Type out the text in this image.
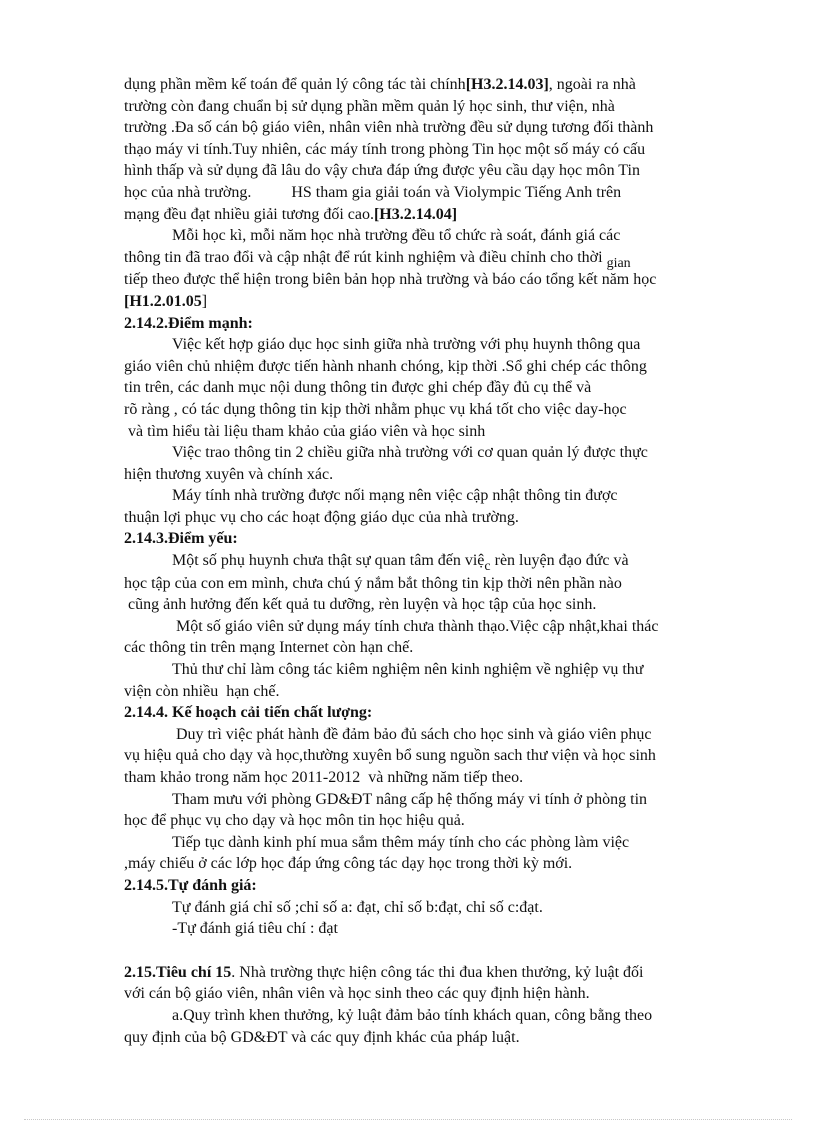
dụng phần mềm kế toán để quản lý công tác tài chính[H3.2.14.03], ngoài ra nhà
trường còn đang chuẩn bị sử dụng phần mềm quản lý học sinh, thư viện, nhà
trường .Đa số cán bộ giáo viên, nhân viên nhà trường đều sử dụng tương đối thành
thạo máy vi tính.Tuy nhiên, các máy tính trong phòng Tin học một số máy có cấu
hình thấp và sử dụng đã lâu do vậy chưa đáp ứng được yêu cầu dạy học môn Tin
học của nhà trường.          HS tham gia giải toán và Violympic Tiếng Anh trên
mạng đều đạt nhiều giải tương đối cao.[H3.2.14.04]
Mỗi học kì, mỗi năm học nhà trường đều tổ chức rà soát, đánh giá các
thông tin đã trao đổi và cập nhật để rút kinh nghiệm và điều chỉnh cho thời gian
tiếp theo được thể hiện trong biên bản họp nhà trường và báo cáo tổng kết năm học
[H1.2.01.05]
2.14.2.Điểm mạnh:
Việc kết hợp giáo dục học sinh giữa nhà trường với phụ huynh thông qua
giáo viên chủ nhiệm được tiến hành nhanh chóng, kịp thời .Sổ ghi chép các thông
tin trên, các danh mục nội dung thông tin được ghi chép đầy đủ cụ thể và
rõ ràng , có tác dụng thông tin kịp thời nhằm phục vụ khá tốt cho việc day-học
và tìm hiểu tài liệu tham khảo của giáo viên và học sinh
Việc trao thông tin 2 chiều giữa nhà trường với cơ quan quản lý được thực
hiện thương xuyên và chính xác.
Máy tính nhà trường được nối mạng nên việc cập nhật thông tin được
thuận lợi phục vụ cho các hoạt động giáo dục của nhà trường.
2.14.3.Điểm yếu:
Một số phụ huynh chưa thật sự quan tâm đến việc rèn luyện đạo đức và
học tập của con em mình, chưa chú ý nắm bắt thông tin kịp thời nên phần nào
cũng ảnh hưởng đến kết quả tu dưỡng, rèn luyện và học tập của học sinh.
Một số giáo viên sử dụng máy tính chưa thành thạo.Việc cập nhật,khai thác
các thông tin trên mạng Internet còn hạn chế.
Thủ thư chỉ làm công tác kiêm nghiệm nên kinh nghiệm về nghiệp vụ thư
viện còn nhiều  hạn chế.
2.14.4. Kế hoạch cải tiến chất lượng:
Duy trì việc phát hành đề đảm bảo đủ sách cho học sinh và giáo viên phục
vụ hiệu quả cho dạy và học,thường xuyên bổ sung nguồn sach thư viện và học sinh
tham khảo trong năm học 2011-2012  và những năm tiếp theo.
Tham mưu với phòng GD&ĐT nâng cấp hệ thống máy vi tính ở phòng tin
học để phục vụ cho dạy và học môn tin học hiệu quả.
Tiếp tục dành kinh phí mua sắm thêm máy tính cho các phòng làm việc
,máy chiếu ở các lớp học đáp ứng công tác dạy học trong thời kỳ mới.
2.14.5.Tự đánh giá:
Tự đánh giá chỉ số ;chỉ số a: đạt, chỉ số b:đạt, chỉ số c:đạt.
-Tự đánh giá tiêu chí : đạt
2.15.Tiêu chí 15. Nhà trường thực hiện công tác thi đua khen thưởng, kỷ luật đối
với cán bộ giáo viên, nhân viên và học sinh theo các quy định hiện hành.
a.Quy trình khen thưởng, kỷ luật đảm bảo tính khách quan, công bằng theo
quy định của bộ GD&ĐT và các quy định khác của pháp luật.
